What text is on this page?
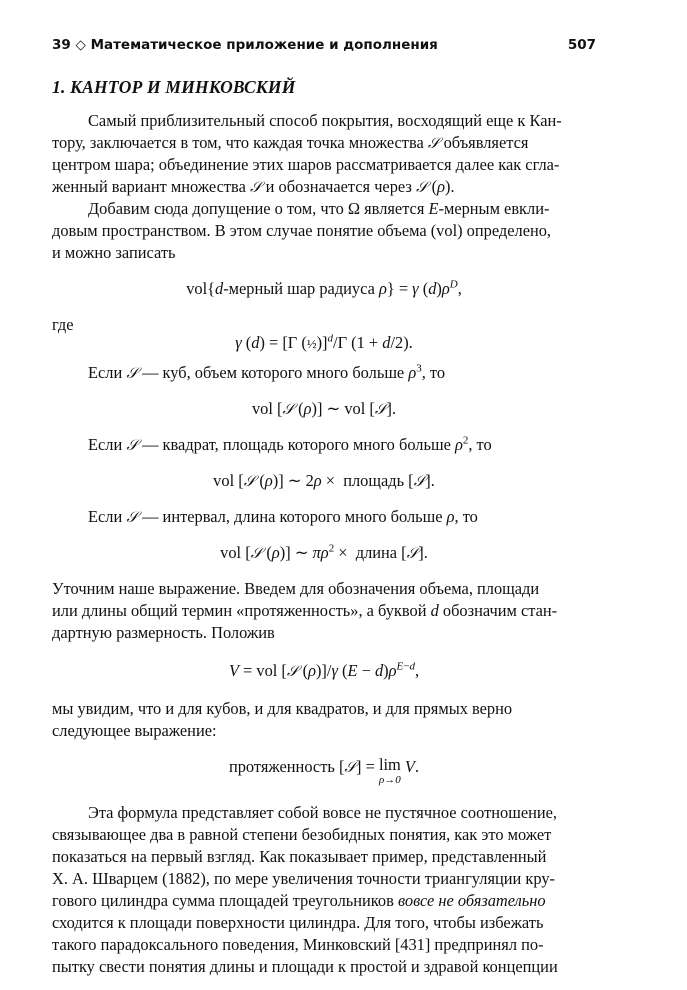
39 ◇ Математическое приложение и дополнения	507
1. КАНТОР И МИНКОВСКИЙ

Самый приблизительный способ покрытия, восходящий еще к Кан-
тору, заключается в том, что каждая точка множества 𝒮 объявляется
центром шара; объединение этих шаров рассматривается далее как сгла-
женный вариант множества 𝒮 и обозначается через 𝒮 (ρ).

Добавим сюда допущение о том, что Ω является E-мерным евкли-
довым пространством. В этом случае понятие объема (vol) определено,
и можно записать

vol{d-мерный шар радиуса ρ} = γ $(d)\rho^D$,

где

γ (d) = [Γ (½)]$^d$/Γ (1 + d/2).

Если 𝒮 — куб, объем которого много больше $\rho^3$, то

vol [𝒮 (ρ)] ∼ vol [𝒮].

Если 𝒮 — квадрат, площадь которого много больше $\rho^2$, то

vol [𝒮 (ρ)] ∼ 2ρ ×  площадь [𝒮].

Если 𝒮 — интервал, длина которого много больше ρ, то

vol [𝒮 (ρ)] ∼ $\pi\rho^2$ ×  длина [𝒮].

Уточним наше выражение. Введем для обозначения объема, площади
или длины общий термин «протяженность», а буквой d обозначим стан-
дартную размерность. Положив

V = vol [𝒮 (ρ)]/γ $(E - d)\rho^{E-d}$,

мы увидим, что и для кубов, и для квадратов, и для прямых верно
следующее выражение:

протяженность [𝒮] = lim
ρ→0
V.

Эта формула представляет собой вовсе не пустячное соотношение,
связывающее два в равной степени безобидных понятия, как это может
показаться на первый взгляд. Как показывает пример, представленный
Х. А. Шварцем (1882), по мере увеличения точности триангуляции кру-
гового цилиндра сумма площадей треугольников вовсе не обязательно
сходится к площади поверхности цилиндра. Для того, чтобы избежать
такого парадоксального поведения, Минковский [431] предпринял по-
пытку свести понятия длины и площади к простой и здравой концепции
